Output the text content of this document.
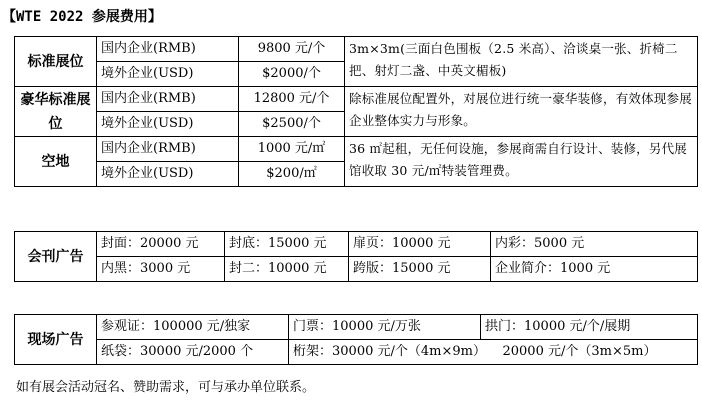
【WTE 2022 参展费用】
标准展位	国内企业(RMB)	9800 元/个	3m×3m(三面白色围板（2.5 米高）、洽谈桌一张、折椅二把、射灯二盏、中英文楣板)
	境外企业(USD)	$2000/个	
豪华标准展位	国内企业(RMB)	12800 元/个	除标准展位配置外，对展位进行统一豪华装修，有效体现参展企业整体实力与形象。
	境外企业(USD)	$2500/个	
空地	国内企业(RMB)	1000 元/㎡	36 ㎡起租，无任何设施，参展商需自行设计、装修，另代展馆收取 30 元/㎡特装管理费。
	境外企业(USD)	$200/㎡	
会刊广告	封面：20000 元	封底：15000 元	扉页：10000 元	内彩：5000 元
	内黑：3000 元	封二：10000 元	跨版：15000 元	企业简介：1000 元
现场广告	参观证：100000 元/独家	门票：10000 元/万张	拱门：10000 元/个/展期
	纸袋：30000 元/2000 个	桁架：30000 元/个（4m×9m）    20000 元/个（3m×5m）	
如有展会活动冠名、赞助需求，可与承办单位联系。
